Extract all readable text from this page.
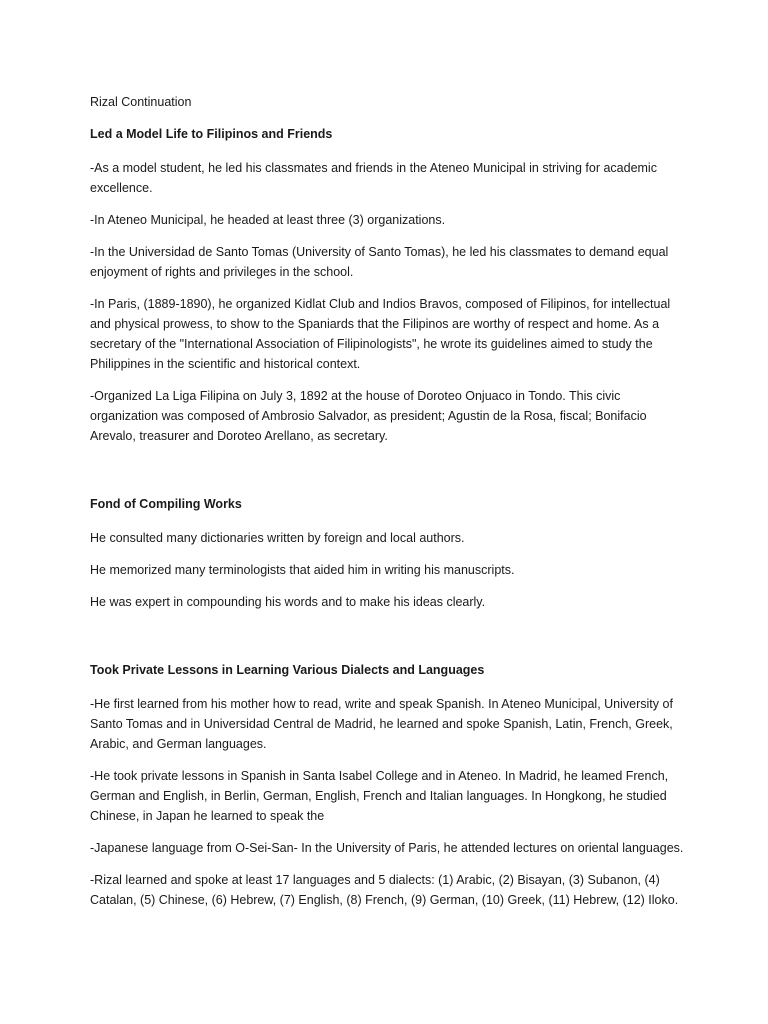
Rizal Continuation

Led a Model Life to Filipinos and Friends

-As a model student, he led his classmates and friends in the Ateneo Municipal in striving for academic excellence.

-In Ateneo Municipal, he headed at least three (3) organizations.

-In the Universidad de Santo Tomas (University of Santo Tomas), he led his classmates to demand equal enjoyment of rights and privileges in the school.

-In Paris, (1889-1890), he organized Kidlat Club and Indios Bravos, composed of Filipinos, for intellectual and physical prowess, to show to the Spaniards that the Filipinos are worthy of respect and home. As a secretary of the "International Association of Filipinologists", he wrote its guidelines aimed to study the Philippines in the scientific and historical context.

-Organized La Liga Filipina on July 3, 1892 at the house of Doroteo Onjuaco in Tondo. This civic organization was composed of Ambrosio Salvador, as president; Agustin de la Rosa, fiscal; Bonifacio Arevalo, treasurer and Doroteo Arellano, as secretary.

Fond of Compiling Works

He consulted many dictionaries written by foreign and local authors.

He memorized many terminologists that aided him in writing his manuscripts.

He was expert in compounding his words and to make his ideas clearly.

Took Private Lessons in Learning Various Dialects and Languages

-He first learned from his mother how to read, write and speak Spanish. In Ateneo Municipal, University of Santo Tomas and in Universidad Central de Madrid, he learned and spoke Spanish, Latin, French, Greek, Arabic, and German languages.

-He took private lessons in Spanish in Santa Isabel College and in Ateneo. In Madrid, he leamed French, German and English, in Berlin, German, English, French and Italian languages. In Hongkong, he studied Chinese, in Japan he learned to speak the

-Japanese language from O-Sei-San- In the University of Paris, he attended lectures on oriental languages.

-Rizal learned and spoke at least 17 languages and 5 dialects: (1) Arabic, (2) Bisayan, (3) Subanon, (4) Catalan, (5) Chinese, (6) Hebrew, (7) English, (8) French, (9) German, (10) Greek, (11) Hebrew, (12) Iloko.
